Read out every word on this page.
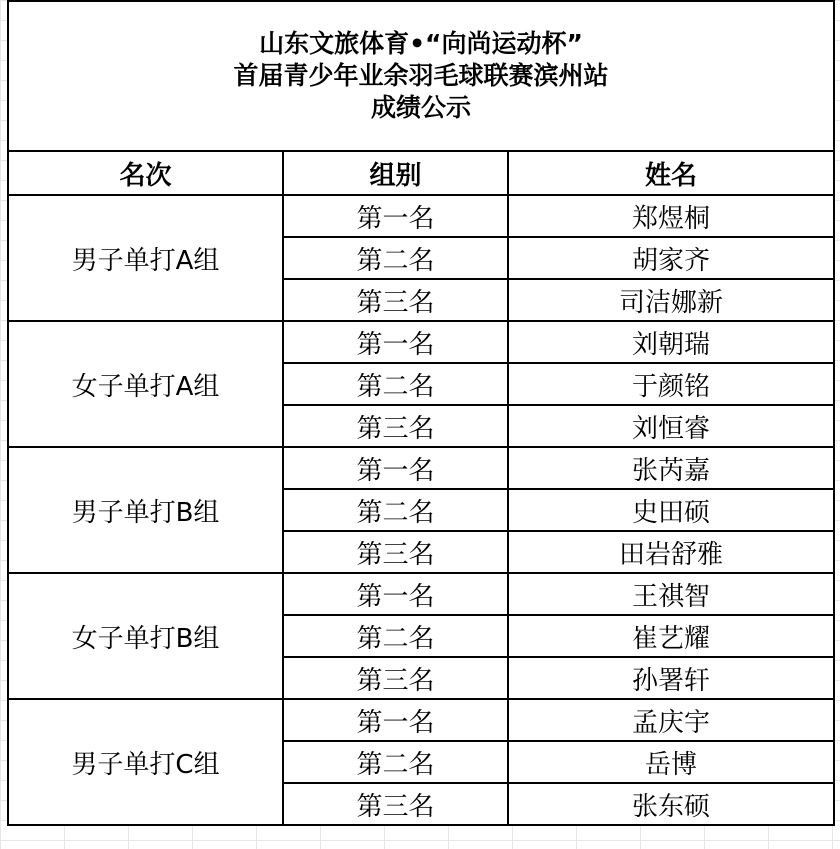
山东文旅体育•“向尚运动杯”
首届青少年业余羽毛球联赛滨州站
成绩公示		

名次	组别	姓名
男子单打A组	第一名	郑煜桐
	第二名	胡家齐
	第三名	司洁娜新
女子单打A组	第一名	刘朝瑞
	第二名	于颜铭
	第三名	刘恒睿
男子单打B组	第一名	张芮嘉
	第二名	史田硕
	第三名	田岩舒雅
女子单打B组	第一名	王祺智
	第二名	崔艺耀
	第三名	孙署轩
男子单打C组	第一名	孟庆宇
	第二名	岳博
	第三名	张东硕
